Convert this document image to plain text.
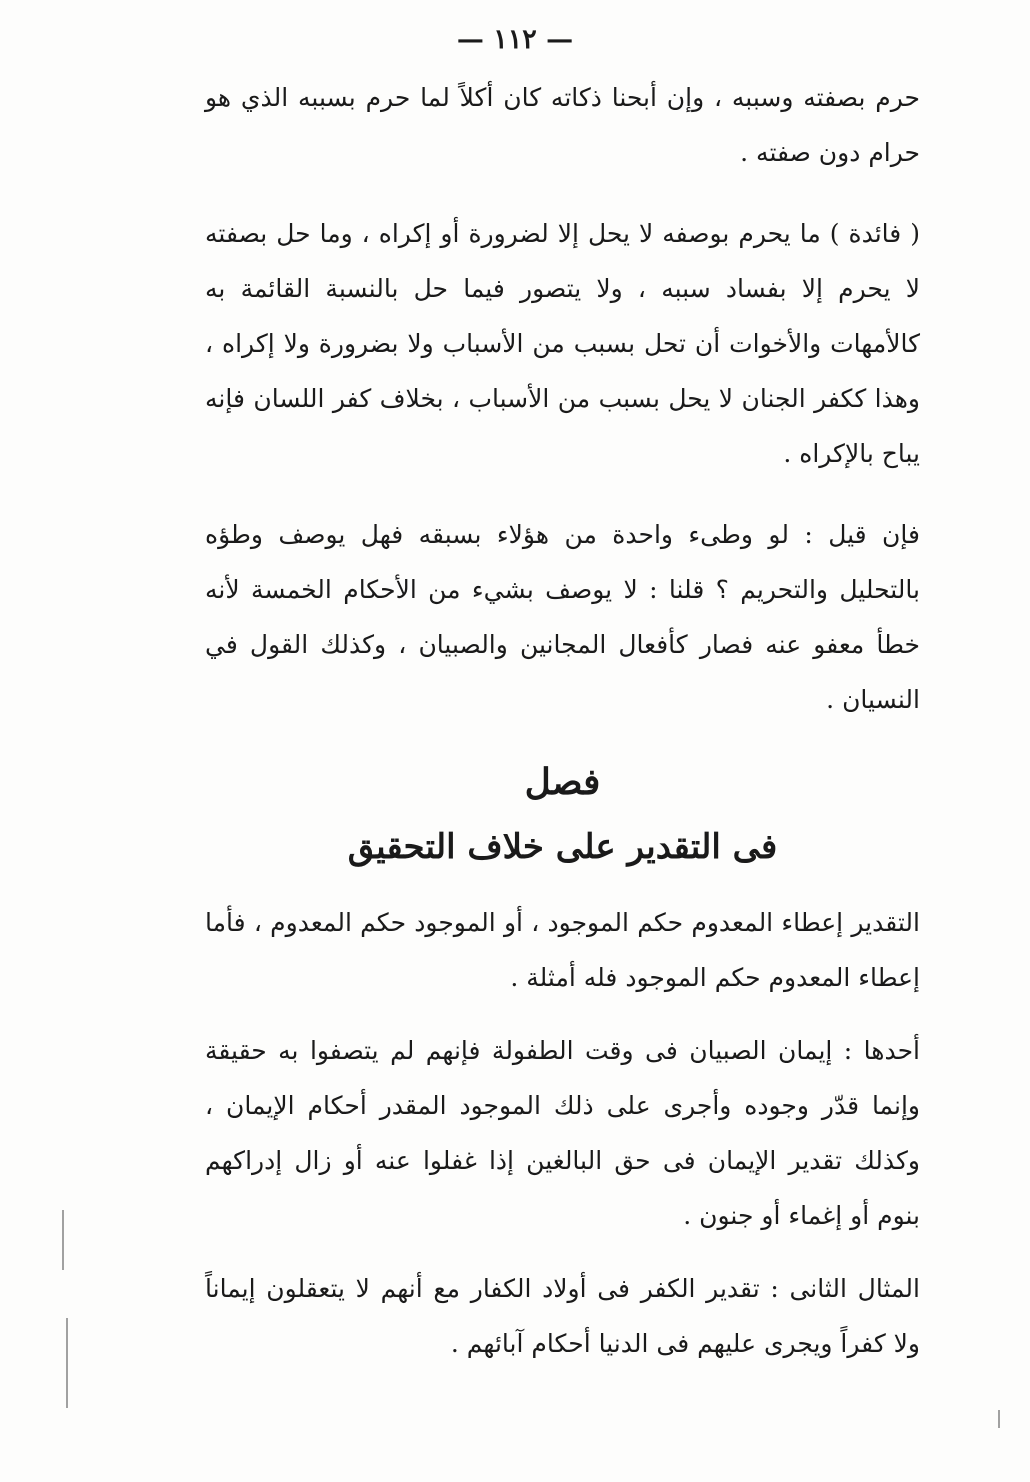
— ١١٢ —

حرم بصفته وسببه ، وإن أبحنا ذكاته كان أكلاً لما حرم بسببه الذي هو حرام دون صفته .

( فائدة ) ما يحرم بوصفه لا يحل إلا لضرورة أو إكراه ، وما حل بصفته لا يحرم إلا بفساد سببه ، ولا يتصور فيما حل بالنسبة القائمة به كالأمهات والأخوات أن تحل بسبب من الأسباب ولا بضرورة ولا إكراه ، وهذا ككفر الجنان لا يحل بسبب من الأسباب ، بخلاف كفر اللسان فإنه يباح بالإكراه .

فإن قيل : لو وطىء واحدة من هؤلاء بسبقه فهل يوصف وطؤه بالتحليل والتحريم ؟ قلنا : لا يوصف بشيء من الأحكام الخمسة لأنه خطأ معفو عنه فصار كأفعال المجانين والصبيان ، وكذلك القول في النسيان .

فصل
فى التقدير على خلاف التحقيق

التقدير إعطاء المعدوم حكم الموجود ، أو الموجود حكم المعدوم ، فأما إعطاء المعدوم حكم الموجود فله أمثلة .

أحدها : إيمان الصبيان فى وقت الطفولة فإنهم لم يتصفوا به حقيقة وإنما قدّر وجوده وأجرى على ذلك الموجود المقدر أحكام الإيمان ، وكذلك تقدير الإيمان فى حق البالغين إذا غفلوا عنه أو زال إدراكهم بنوم أو إغماء أو جنون .

المثال الثانى : تقدير الكفر فى أولاد الكفار مع أنهم لا يتعقلون إيماناً ولا كفراً ويجرى عليهم فى الدنيا أحكام آبائهم .
